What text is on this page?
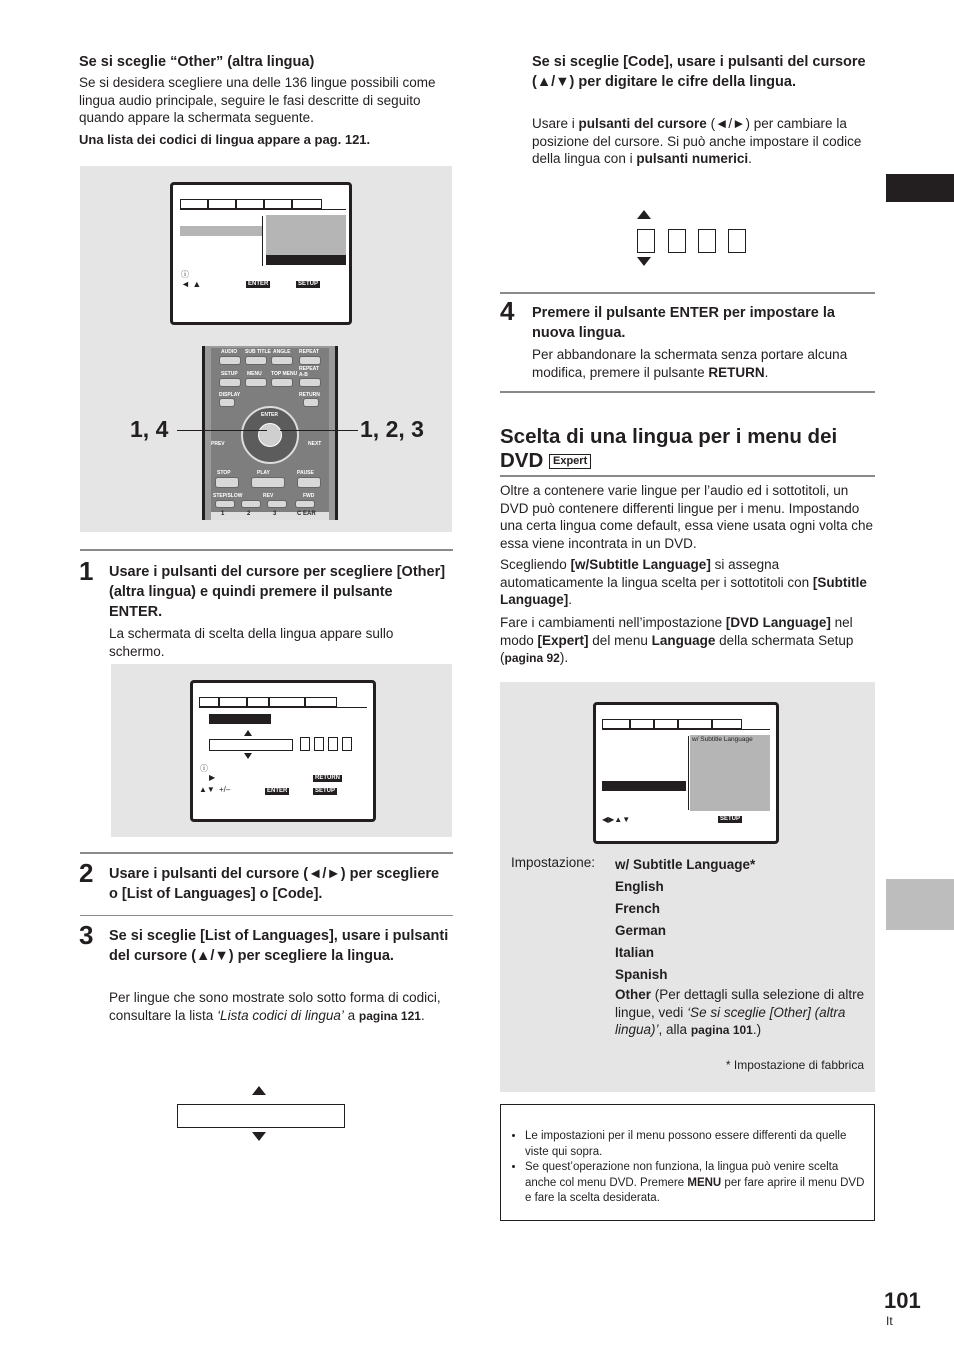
Se si sceglie “Other” (altra lingua)
Se si desidera scegliere una delle 136 lingue possibili come lingua audio principale, seguire le fasi descritte di seguito quando appare la schermata seguente.
Una lista dei codici di lingua appare a pag. 121.
ⓘ
◄ ▲	ENTER	SETUP
AUDIO SUB TITLE ANGLE REPEAT
SETUP MENU TOP MENU
REPEAT A-B
DISPLAY	RETURN
ENTER
PREV	NEXT
STOP	PLAY	PAUSE
STEP/SLOW	REV	FWD
1	2	3	C EAR
1, 4	1, 2, 3
1 Usare i pulsanti del cursore per scegliere [Other] (altra lingua) e quindi premere il pulsante ENTER.
La schermata di scelta della lingua appare sullo schermo.
ⓘ
▶
▲▼ +/–
RETURN
ENTER	SETUP
2 Usare i pulsanti del cursore (◄/►) per scegliere o [List of Languages] o [Code].
3 Se si sceglie [List of Languages], usare i pulsanti del cursore (▲/▼) per scegliere la lingua.
Per lingue che sono mostrate solo sotto forma di codici, consultare la lista ‘Lista codici di lingua’ a pagina 121.
Se si sceglie [Code], usare i pulsanti del cursore (▲/▼) per digitare le cifre della lingua.
Usare i pulsanti del cursore (◄/►) per cambiare la posizione del cursore. Si può anche impostare il codice della lingua con i pulsanti numerici.
4 Premere il pulsante ENTER per impostare la nuova lingua.
Per abbandonare la schermata senza portare alcuna modifica, premere il pulsante RETURN.
Scelta di una lingua per i menu dei
DVD Expert
Oltre a contenere varie lingue per l’audio ed i sottotitoli, un DVD può contenere differenti lingue per i menu. Impostando una certa lingua come default, essa viene usata ogni volta che essa viene incontrata in un DVD.
Scegliendo [w/Subtitle Language] si assegna automaticamente la lingua scelta per i sottotitoli con [Subtitle Language].
Fare i cambiamenti nell’impostazione [DVD Language] nel modo [Expert] del menu Language della schermata Setup (pagina 92).
w/ Subtitle Language
◀▶▲▼	SETUP
Impostazione: w/ Subtitle Language*
English
French
German
Italian
Spanish
Other (Per dettagli sulla selezione di altre lingue, vedi ‘Se si sceglie [Other] (altra lingua)’, alla pagina 101.)
* Impostazione di fabbrica
• Le impostazioni per il menu possono essere differenti da quelle viste qui sopra.
• Se quest’operazione non funziona, la lingua può venire scelta anche col menu DVD. Premere MENU per fare aprire il menu DVD e fare la scelta desiderata.
101
It
